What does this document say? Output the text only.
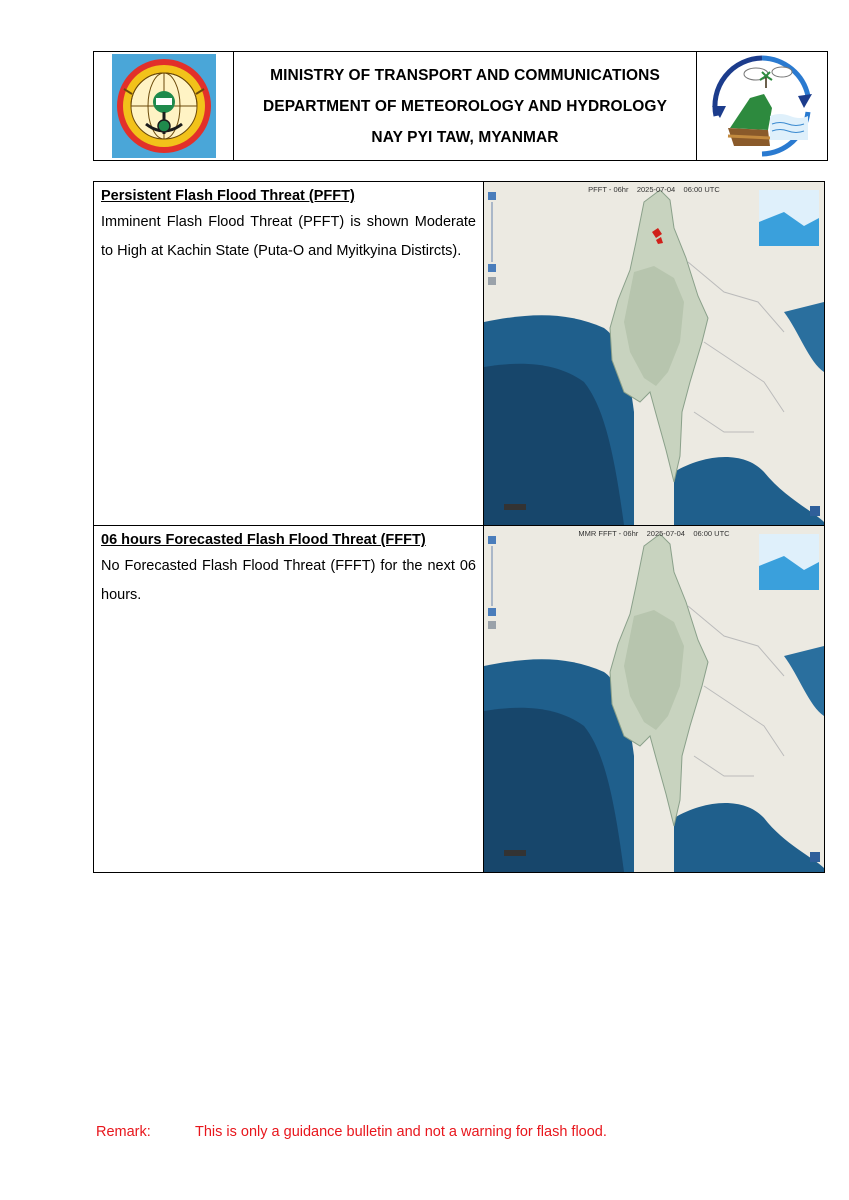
MINISTRY OF TRANSPORT AND COMMUNICATIONS
DEPARTMENT OF METEOROLOGY AND HYDROLOGY
NAY PYI TAW, MYANMAR
Persistent Flash Flood Threat (PFFT)
Imminent Flash Flood Threat (PFFT) is shown Moderate to High at Kachin State (Puta-O and Myitkyina Distircts).
PFFT - 06hr 2025-07-04 06:00 UTC
06 hours Forecasted Flash Flood Threat (FFFT)
No Forecasted Flash Flood Threat (FFFT) for the next 06 hours.
MMR FFFT - 06hr 2025-07-04 06:00 UTC
Remark:	This is only a guidance bulletin and not a warning for flash flood.
